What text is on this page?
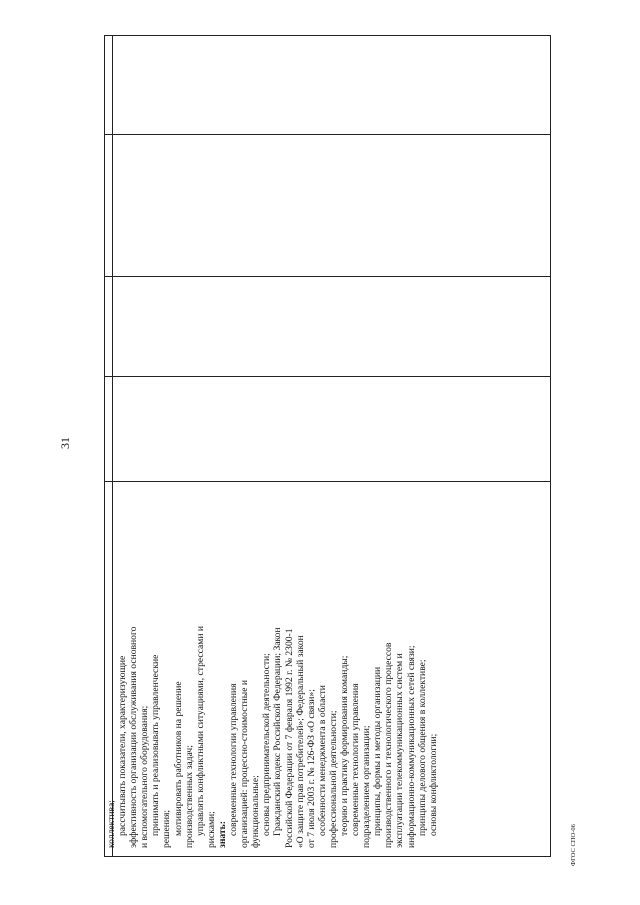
31
ФГОС СПО-06
коллектива; рассчитывать показатели, характеризующие эффективность организации обслуживания основного и вспомогательного оборудования; принимать и реализовывать управленческие решения; мотивировать работников на решение производственных задач; управлять конфликтными ситуациями, стрессами и рисками; знать: современные технологии управления организацией: процессно-стоимостные и функциональные; основы предпринимательской деятельности; Гражданский кодекс Российской Федерации; Закон Российской Федерации от 7 февраля 1992 г. № 2300-1 «О защите прав потребителей»; Федеральный закон от 7 июля 2003 г. № 126-ФЗ «О связи»; особенности менеджмента в области профессиональной деятельности; теорию и практику формирования команды; современные технологии управления подразделением организации; принципы, формы и методы организации производственного и технологического процессов эксплуатации телекоммуникационных систем и информационно-коммуникационных сетей связи; принципы делового общения в коллективе; основы конфликтологии;
